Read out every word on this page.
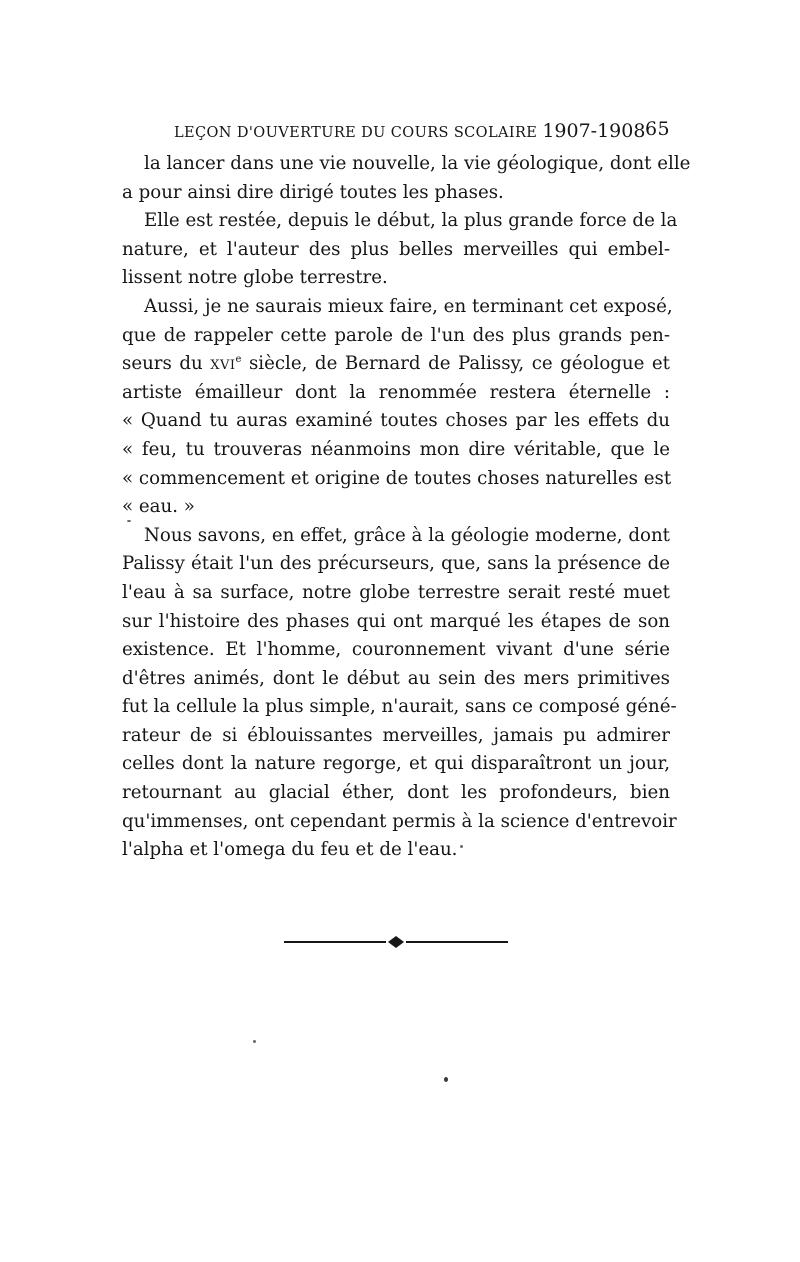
LEÇON D'OUVERTURE DU COURS SCOLAIRE 1907-1908 65
la lancer dans une vie nouvelle, la vie géologique, dont elle
a pour ainsi dire dirigé toutes les phases.
Elle est restée, depuis le début, la plus grande force de la
nature, et l'auteur des plus belles merveilles qui embel-
lissent notre globe terrestre.
Aussi, je ne saurais mieux faire, en terminant cet exposé,
que de rappeler cette parole de l'un des plus grands pen-
seurs du XVIe siècle, de Bernard de Palissy, ce géologue et
artiste émailleur dont la renommée restera éternelle :
« Quand tu auras examiné toutes choses par les effets du
« feu, tu trouveras néanmoins mon dire véritable, que le
« commencement et origine de toutes choses naturelles est
« eau. »
Nous savons, en effet, grâce à la géologie moderne, dont
Palissy était l'un des précurseurs, que, sans la présence de
l'eau à sa surface, notre globe terrestre serait resté muet
sur l'histoire des phases qui ont marqué les étapes de son
existence. Et l'homme, couronnement vivant d'une série
d'êtres animés, dont le début au sein des mers primitives
fut la cellule la plus simple, n'aurait, sans ce composé géné-
rateur de si éblouissantes merveilles, jamais pu admirer
celles dont la nature regorge, et qui disparaîtront un jour,
retournant au glacial éther, dont les profondeurs, bien
qu'immenses, ont cependant permis à la science d'entrevoir
l'alpha et l'omega du feu et de l'eau.
